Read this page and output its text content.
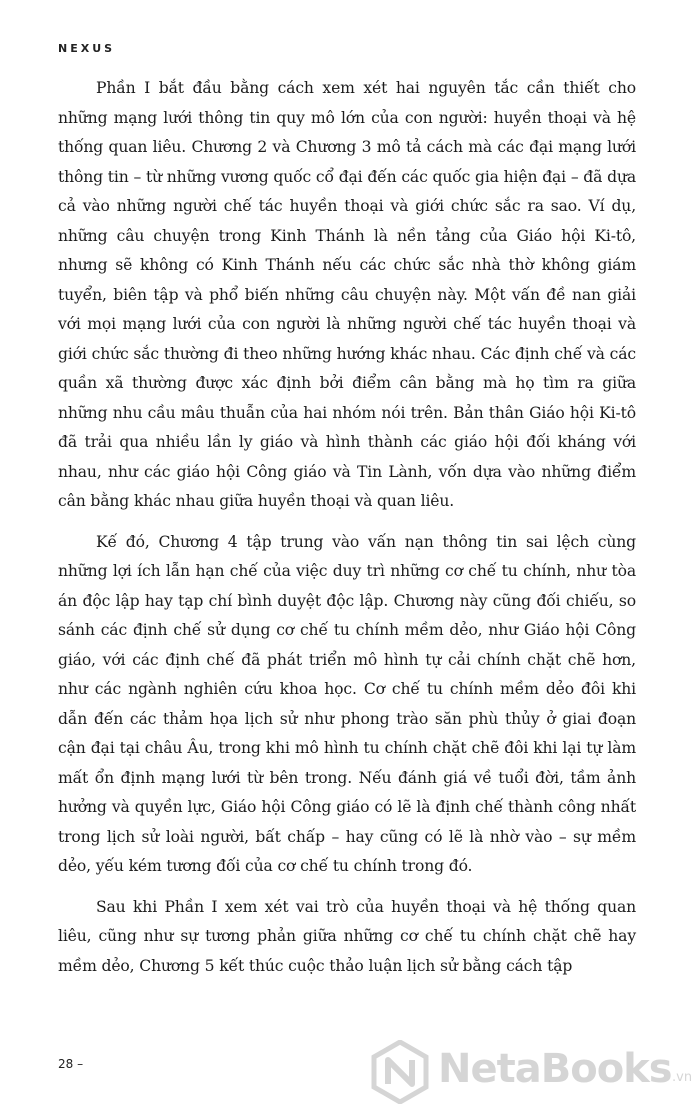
NEXUS

Phần I bắt đầu bằng cách xem xét hai nguyên tắc cần thiết cho những mạng lưới thông tin quy mô lớn của con người: huyền thoại và hệ thống quan liêu. Chương 2 và Chương 3 mô tả cách mà các đại mạng lưới thông tin – từ những vương quốc cổ đại đến các quốc gia hiện đại – đã dựa cả vào những người chế tác huyền thoại và giới chức sắc ra sao. Ví dụ, những câu chuyện trong Kinh Thánh là nền tảng của Giáo hội Ki-tô, nhưng sẽ không có Kinh Thánh nếu các chức sắc nhà thờ không giám tuyển, biên tập và phổ biến những câu chuyện này. Một vấn đề nan giải với mọi mạng lưới của con người là những người chế tác huyền thoại và giới chức sắc thường đi theo những hướng khác nhau. Các định chế và các quần xã thường được xác định bởi điểm cân bằng mà họ tìm ra giữa những nhu cầu mâu thuẫn của hai nhóm nói trên. Bản thân Giáo hội Ki-tô đã trải qua nhiều lần ly giáo và hình thành các giáo hội đối kháng với nhau, như các giáo hội Công giáo và Tin Lành, vốn dựa vào những điểm cân bằng khác nhau giữa huyền thoại và quan liêu.

Kế đó, Chương 4 tập trung vào vấn nạn thông tin sai lệch cùng những lợi ích lẫn hạn chế của việc duy trì những cơ chế tu chính, như tòa án độc lập hay tạp chí bình duyệt độc lập. Chương này cũng đối chiếu, so sánh các định chế sử dụng cơ chế tu chính mềm dẻo, như Giáo hội Công giáo, với các định chế đã phát triển mô hình tự cải chính chặt chẽ hơn, như các ngành nghiên cứu khoa học. Cơ chế tu chính mềm dẻo đôi khi dẫn đến các thảm họa lịch sử như phong trào săn phù thủy ở giai đoạn cận đại tại châu Âu, trong khi mô hình tu chính chặt chẽ đôi khi lại tự làm mất ổn định mạng lưới từ bên trong. Nếu đánh giá về tuổi đời, tầm ảnh hưởng và quyền lực, Giáo hội Công giáo có lẽ là định chế thành công nhất trong lịch sử loài người, bất chấp – hay cũng có lẽ là nhờ vào – sự mềm dẻo, yếu kém tương đối của cơ chế tu chính trong đó.

Sau khi Phần I xem xét vai trò của huyền thoại và hệ thống quan liêu, cũng như sự tương phản giữa những cơ chế tu chính chặt chẽ hay mềm dẻo, Chương 5 kết thúc cuộc thảo luận lịch sử bằng cách tập

28 –	NetaBooks .vn
